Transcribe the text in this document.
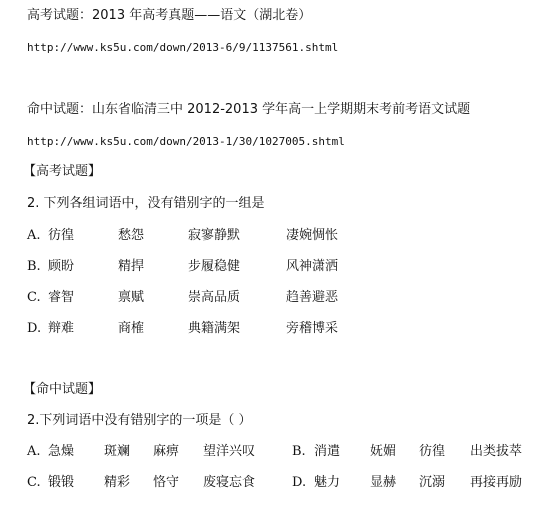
高考试题：2013 年高考真题——语文（湖北卷）
http://www.ks5u.com/down/2013-6/9/1137561.shtml
命中试题：山东省临清三中 2012-2013 学年高一上学期期末考前考语文试题
http://www.ks5u.com/down/2013-1/30/1027005.shtml
【高考试题】
2. 下列各组词语中，没有错别字的一组是
A. 彷徨	愁怨	寂寥静默	凄婉惆怅
B. 顾盼	精捍	步履稳健	风神潇洒
C. 睿智	禀赋	崇高品质	趋善避恶
D. 辩难	商榷	典籍满架	旁稽博采
【命中试题】
2.下列词语中没有错别字的一项是（ ）
A. 急燥 斑斓 麻痹 望洋兴叹	B. 消遣 妩媚 彷徨 出类拔萃
C. 锻锻 精彩 恪守 废寝忘食	D. 魅力 显赫 沉溺 再接再励
